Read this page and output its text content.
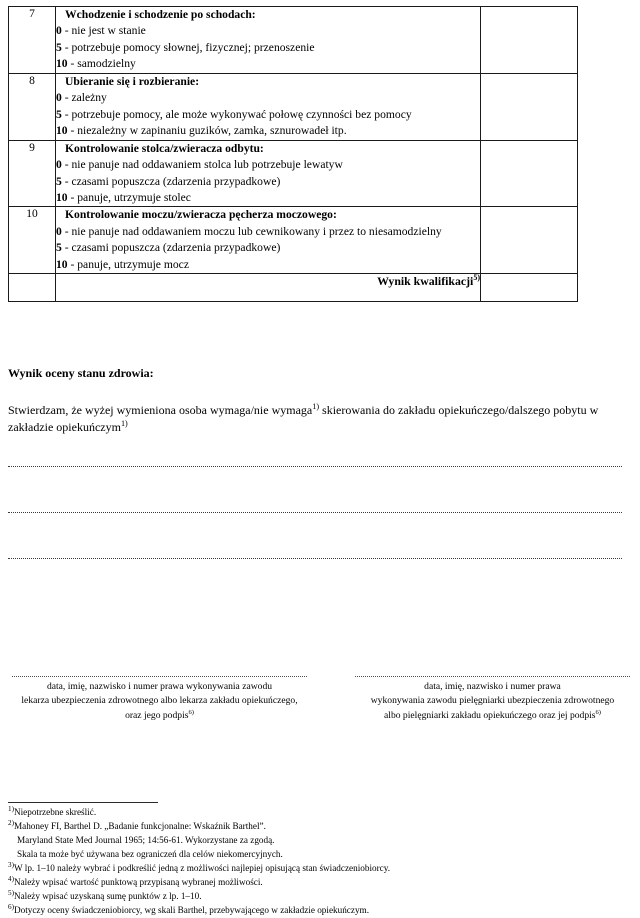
7	Wchodzenie i schodzenie po schodach:
0 - nie jest w stanie
5 - potrzebuje pomocy słownej, fizycznej; przenoszenie
10 - samodzielny	

8	Ubieranie się i rozbieranie:
0 - zależny
5 - potrzebuje pomocy, ale może wykonywać połowę czynności bez pomocy
10 - niezależny w zapinaniu guzików, zamka, sznurowadeł itp.	

9	Kontrolowanie stolca/zwieracza odbytu:
0 - nie panuje nad oddawaniem stolca lub potrzebuje lewatyw
5 - czasami popuszcza (zdarzenia przypadkowe)
10 - panuje, utrzymuje stolec	

10	Kontrolowanie moczu/zwieracza pęcherza moczowego:
0 - nie panuje nad oddawaniem moczu lub cewnikowany i przez to niesamodzielny
5 - czasami popuszcza (zdarzenia przypadkowe)
10 - panuje, utrzymuje mocz	

	Wynik kwalifikacji$^{5)}$	
Wynik oceny stanu zdrowia:
Stwierdzam, że wyżej wymieniona osoba wymaga/nie wymaga$^{1)}$ skierowania do zakładu opiekuńczego/dalszego pobytu w zakładzie opiekuńczym$^{1)}$
data, imię, nazwisko i numer prawa wykonywania zawodu
lekarza ubezpieczenia zdrowotnego albo lekarza zakładu opiekuńczego,
oraz jego podpis$^{6)}$
data, imię, nazwisko i numer prawa
wykonywania zawodu pielęgniarki ubezpieczenia zdrowotnego
albo pielęgniarki zakładu opiekuńczego oraz jej podpis$^{6)}$

$^{1)}$Niepotrzebne skreślić.

$^{2)}$Mahoney FI, Barthel D. „Badanie funkcjonalne: Wskaźnik Barthel”.
Maryland State Med Journal 1965; 14:56-61. Wykorzystane za zgodą.
Skala ta może być używana bez ograniczeń dla celów niekomercyjnych.

$^{3)}$W lp. 1–10 należy wybrać i podkreślić jedną z możliwości najlepiej opisującą stan świadczeniobiorcy.

$^{4)}$Należy wpisać wartość punktową przypisaną wybranej możliwości.

$^{5)}$Należy wpisać uzyskaną sumę punktów z lp. 1–10.

$^{6)}$Dotyczy oceny świadczeniobiorcy, wg skali Barthel, przebywającego w zakładzie opiekuńczym.
